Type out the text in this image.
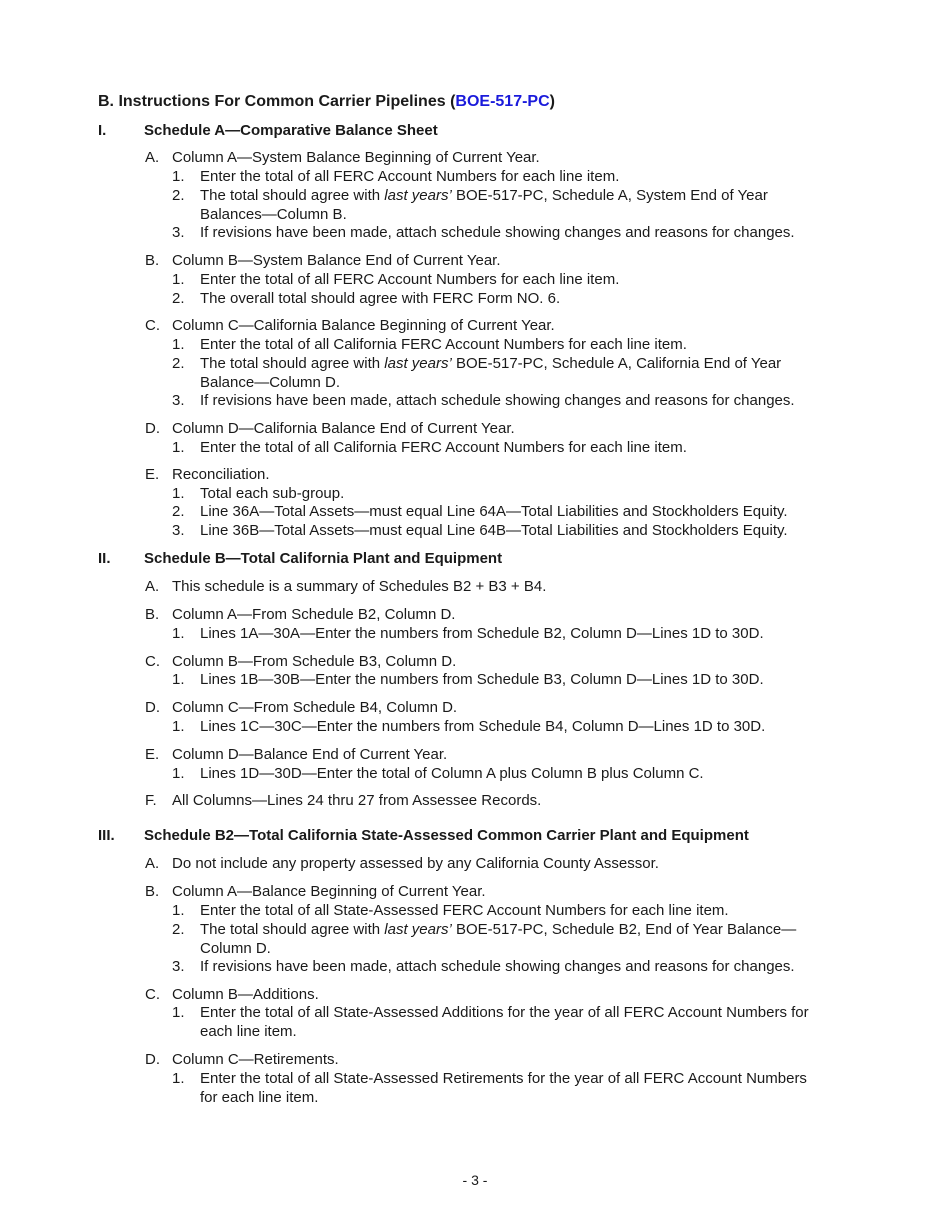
B. Instructions For Common Carrier Pipelines (BOE-517-PC)
I.	Schedule A—Comparative Balance Sheet
A. Column A—System Balance Beginning of Current Year.
1. Enter the total of all FERC Account Numbers for each line item.
2. The total should agree with last years’ BOE-517-PC, Schedule A, System End of Year
Balances—Column B.
3. If revisions have been made, attach schedule showing changes and reasons for changes.
B. Column B—System Balance End of Current Year.
1. Enter the total of all FERC Account Numbers for each line item.
2. The overall total should agree with FERC Form NO. 6.
C. Column C—California Balance Beginning of Current Year.
1. Enter the total of all California FERC Account Numbers for each line item.
2. The total should agree with last years’ BOE-517-PC, Schedule A, California End of Year
Balance—Column D.
3. If revisions have been made, attach schedule showing changes and reasons for changes.
D. Column D—California Balance End of Current Year.
1. Enter the total of all California FERC Account Numbers for each line item.
E. Reconciliation.
1. Total each sub-group.
2. Line 36A—Total Assets—must equal Line 64A—Total Liabilities and Stockholders Equity.
3. Line 36B—Total Assets—must equal Line 64B—Total Liabilities and Stockholders Equity.
II. Schedule B—Total California Plant and Equipment
A. This schedule is a summary of Schedules B2 + B3 + B4.
B. Column A—From Schedule B2, Column D.
1. Lines 1A—30A—Enter the numbers from Schedule B2, Column D—Lines 1D to 30D.
C. Column B—From Schedule B3, Column D.
1. Lines 1B—30B—Enter the numbers from Schedule B3, Column D—Lines 1D to 30D.
D. Column C—From Schedule B4, Column D.
1. Lines 1C—30C—Enter the numbers from Schedule B4, Column D—Lines 1D to 30D.
E. Column D—Balance End of Current Year.
1. Lines 1D—30D—Enter the total of Column A plus Column B plus Column C.
F. All Columns—Lines 24 thru 27 from Assessee Records.
III. Schedule B2—Total California State-Assessed Common Carrier Plant and Equipment
A. Do not include any property assessed by any California County Assessor.
B. Column A—Balance Beginning of Current Year.
1. Enter the total of all State-Assessed FERC Account Numbers for each line item.
2. The total should agree with last years’ BOE-517-PC, Schedule B2, End of Year Balance—
Column D.
3. If revisions have been made, attach schedule showing changes and reasons for changes.
C. Column B—Additions.
1. Enter the total of all State-Assessed Additions for the year of all FERC Account Numbers for
each line item.
D. Column C—Retirements.
1. Enter the total of all State-Assessed Retirements for the year of all FERC Account Numbers
for each line item.
- 3 -
